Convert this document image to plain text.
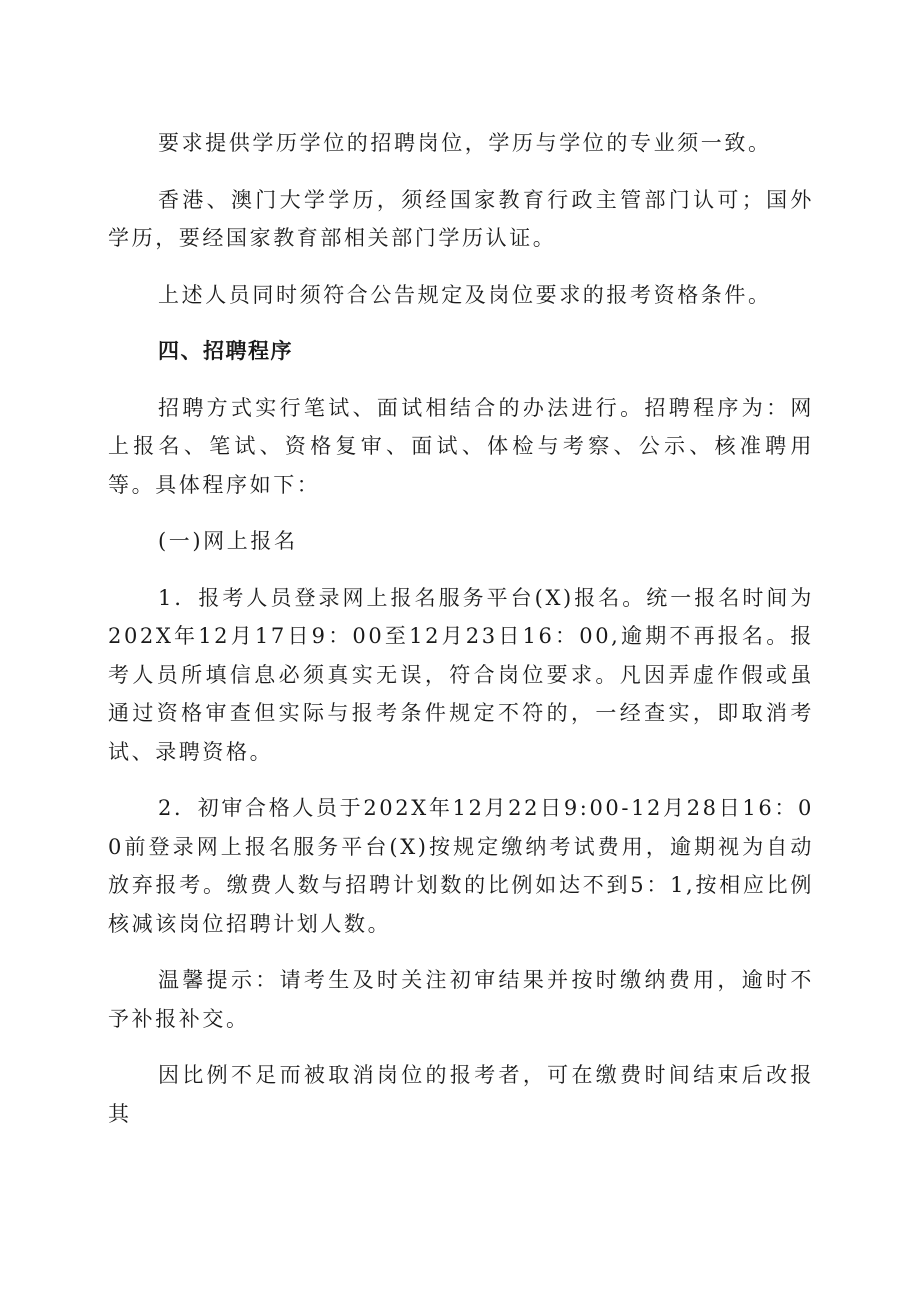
要求提供学历学位的招聘岗位，学历与学位的专业须一致。

香港、澳门大学学历，须经国家教育行政主管部门认可；国外学历，要经国家教育部相关部门学历认证。

上述人员同时须符合公告规定及岗位要求的报考资格条件。

四、招聘程序

招聘方式实行笔试、面试相结合的办法进行。招聘程序为：网上报名、笔试、资格复审、面试、体检与考察、公示、核准聘用等。具体程序如下：

(一)网上报名

1．报考人员登录网上报名服务平台(X)报名。统一报名时间为202X年12月17日9：00至12月23日16：00,逾期不再报名。报考人员所填信息必须真实无误，符合岗位要求。凡因弄虚作假或虽通过资格审查但实际与报考条件规定不符的，一经查实，即取消考试、录聘资格。

2．初审合格人员于202X年12月22日9:00-12月28日16：00前登录网上报名服务平台(X)按规定缴纳考试费用，逾期视为自动放弃报考。缴费人数与招聘计划数的比例如达不到5：1,按相应比例核减该岗位招聘计划人数。

温馨提示：请考生及时关注初审结果并按时缴纳费用，逾时不予补报补交。

因比例不足而被取消岗位的报考者，可在缴费时间结束后改报其
